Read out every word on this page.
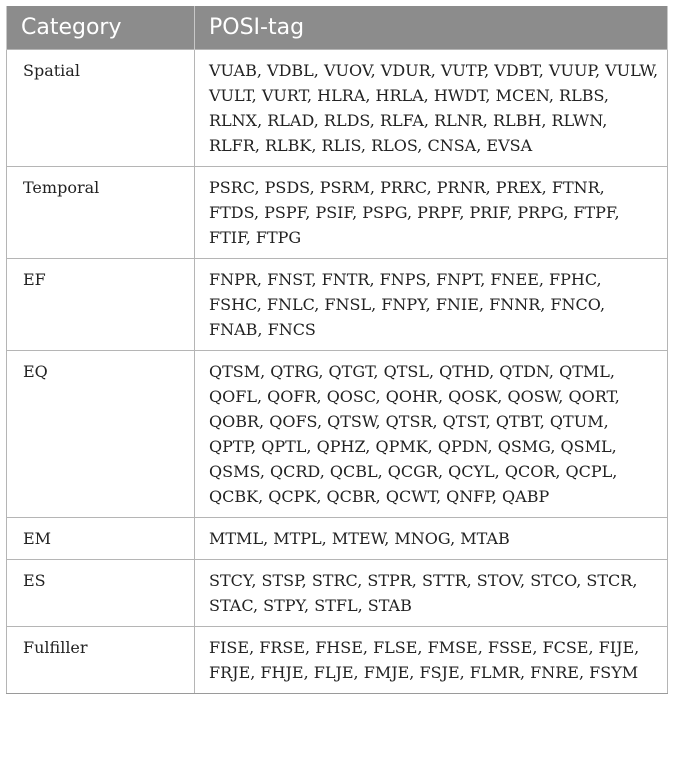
Category	POSI-tag
Spatial	VUAB, VDBL, VUOV, VDUR, VUTP, VDBT, VUUP, VULW, VULT, VURT, HLRA, HRLA, HWDT, MCEN, RLBS, RLNX, RLAD, RLDS, RLFA, RLNR, RLBH, RLWN, RLFR, RLBK, RLIS, RLOS, CNSA, EVSA
Temporal	PSRC, PSDS, PSRM, PRRC, PRNR, PREX, FTNR, FTDS, PSPF, PSIF, PSPG, PRPF, PRIF, PRPG, FTPF, FTIF, FTPG
EF	FNPR, FNST, FNTR, FNPS, FNPT, FNEE, FPHC, FSHC, FNLC, FNSL, FNPY, FNIE, FNNR, FNCO, FNAB, FNCS
EQ	QTSM, QTRG, QTGT, QTSL, QTHD, QTDN, QTML, QOFL, QOFR, QOSC, QOHR, QOSK, QOSW, QORT, QOBR, QOFS, QTSW, QTSR, QTST, QTBT, QTUM, QPTP, QPTL, QPHZ, QPMK, QPDN, QSMG, QSML, QSMS, QCRD, QCBL, QCGR, QCYL, QCOR, QCPL, QCBK, QCPK, QCBR, QCWT, QNFP, QABP
EM	MTML, MTPL, MTEW, MNOG, MTAB
ES	STCY, STSP, STRC, STPR, STTR, STOV, STCO, STCR, STAC, STPY, STFL, STAB
Fulfiller	FISE, FRSE, FHSE, FLSE, FMSE, FSSE, FCSE, FIJE, FRJE, FHJE, FLJE, FMJE, FSJE, FLMR, FNRE, FSYM
